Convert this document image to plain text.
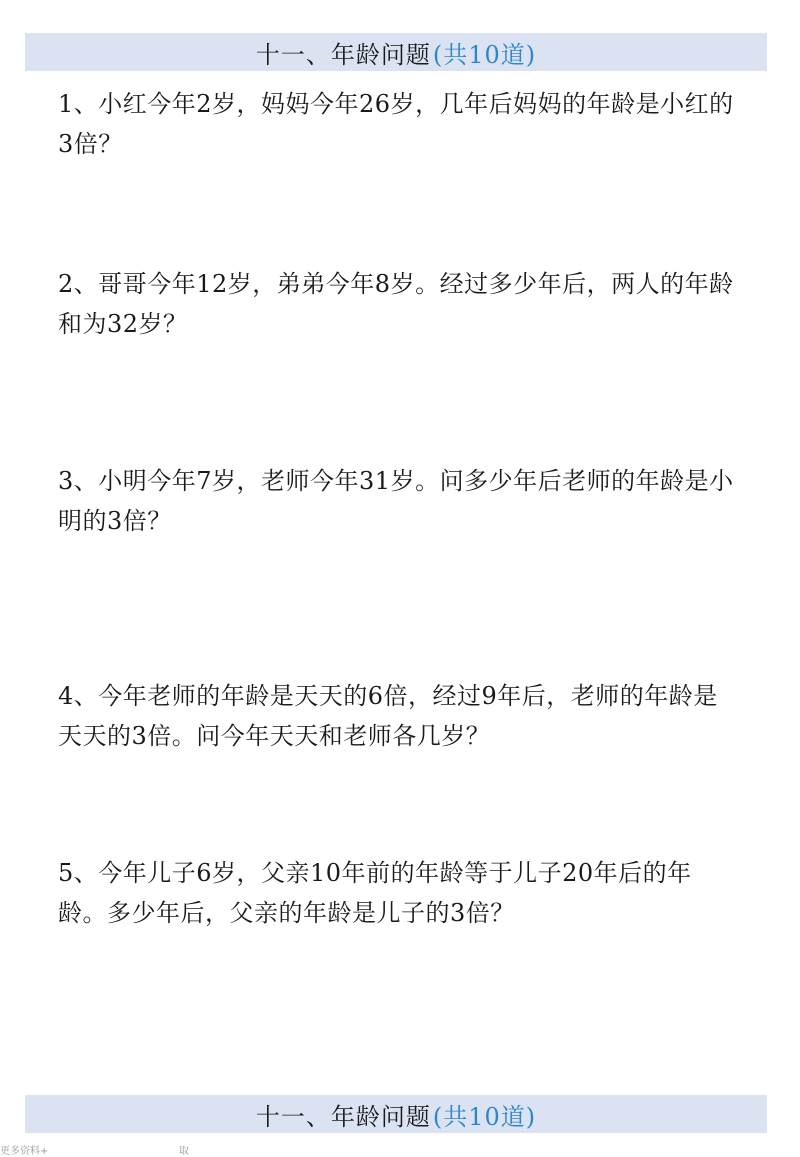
十一、年龄问题 (共10道)
1、小红今年2岁，妈妈今年26岁，几年后妈妈的年龄是小红的3倍？
2、哥哥今年12岁，弟弟今年8岁。经过多少年后，两人的年龄和为32岁？
3、小明今年7岁，老师今年31岁。问多少年后老师的年龄是小明的3倍？
4、今年老师的年龄是天天的6倍，经过9年后，老师的年龄是天天的3倍。问今年天天和老师各几岁？
5、今年儿子6岁，父亲10年前的年龄等于儿子20年后的年龄。多少年后，父亲的年龄是儿子的3倍？
十一、年龄问题 (共10道)
更多资料+	取
